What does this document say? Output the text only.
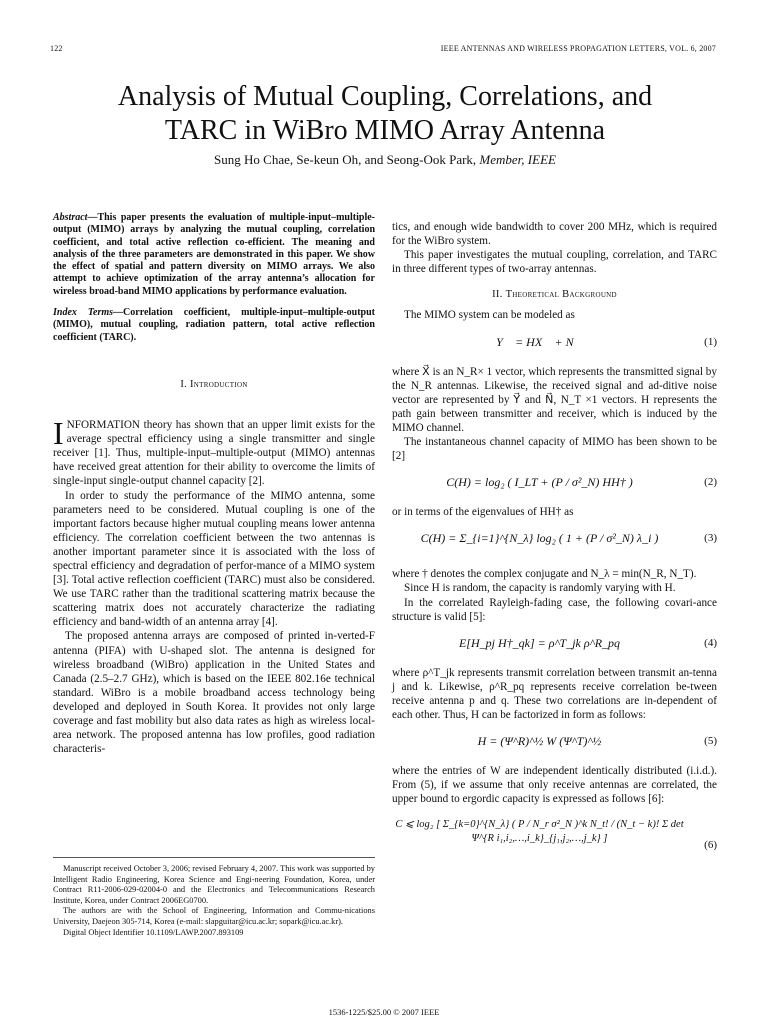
122	IEEE ANTENNAS AND WIRELESS PROPAGATION LETTERS, VOL. 6, 2007
Analysis of Mutual Coupling, Correlations, and
TARC in WiBro MIMO Array Antenna
Sung Ho Chae, Se-keun Oh, and Seong-Ook Park, Member, IEEE
Abstract—This paper presents the evaluation of multiple-input–multiple-output (MIMO) arrays by analyzing the mutual coupling, correlation coefficient, and total active reflection co-efficient. The meaning and analysis of the three parameters are demonstrated in this paper. We show the effect of spatial and pattern diversity on MIMO arrays. We also attempt to achieve optimization of the array antenna’s allocation for wireless broad-band MIMO applications by performance evaluation.
Index Terms—Correlation coefficient, multiple-input–multiple-output (MIMO), mutual coupling, radiation pattern, total active reflection coefficient (TARC).
I. Introduction

INFORMATION theory has shown that an upper limit exists for the average spectral efficiency using a single transmitter and single receiver [1]. Thus, multiple-input–multiple-output (MIMO) antennas have received great attention for their ability to overcome the limits of single-input single-output channel capacity [2].

In order to study the performance of the MIMO antenna, some parameters need to be considered. Mutual coupling is one of the important factors because higher mutual coupling means lower antenna efficiency. The correlation coefficient between the two antennas is another important parameter since it is associated with the loss of spectral efficiency and degradation of perfor-mance of a MIMO system [3]. Total active reflection coefficient (TARC) must also be considered. We use TARC rather than the traditional scattering matrix because the scattering matrix does not accurately characterize the radiating efficiency and band-width of an antenna array [4].

The proposed antenna arrays are composed of printed in-verted-F antenna (PIFA) with U-shaped slot. The antenna is designed for wireless broadband (WiBro) application in the United States and Canada (2.5–2.7 GHz), which is based on the IEEE 802.16e technical standard. WiBro is a mobile broadband access technology being developed and deployed in South Korea. It provides not only large coverage and fast mobility but also data rates as high as wireless local-area network. The proposed antenna has low profiles, good radiation characteris-

Manuscript received October 3, 2006; revised February 4, 2007. This work was supported by Intelligent Radio Engineering, Korea Science and Engi-neering Foundation, Korea, under Contract R11-2006-029-02004-0 and the Electronics and Telecommunications Research Institute, Korea, under Contract 2006EG0700.

The authors are with the School of Engineering, Information and Commu-nications University, Daejeon 305-714, Korea (e-mail: slapguitar@icu.ac.kr; sopark@icu.ac.kr).

Digital Object Identifier 10.1109/LAWP.2007.893109

tics, and enough wide bandwidth to cover 200 MHz, which is required for the WiBro system.

This paper investigates the mutual coupling, correlation, and TARC in three different types of two-array antennas.

II. Theoretical Background

The MIMO system can be modeled as

Y⃗ = HX⃗ + N⃗	(1)

where X⃗ is an N_R× 1 vector, which represents the transmitted signal by the N_R antennas. Likewise, the received signal and ad-ditive noise vector are represented by Y⃗ and N⃗, N_T ×1 vectors. H represents the path gain between transmitter and receiver, which is induced by the MIMO channel.

The instantaneous channel capacity of MIMO has been shown to be [2]

C(H) = log₂ ( I_LT + (P / σ²_N) HH† )	(2)

or in terms of the eigenvalues of HH† as

C(H) = Σ_{i=1}^{N_λ} log₂ ( 1 + (P / σ²_N) λ_i )	(3)

where † denotes the complex conjugate and N_λ = min(N_R, N_T).

Since H is random, the capacity is randomly varying with H.

In the correlated Rayleigh-fading case, the following covari-ance structure is valid [5]:

E[H_pj H†_qk] = ρ^T_jk ρ^R_pq	(4)

where ρ^T_jk represents transmit correlation between transmit an-tenna j and k. Likewise, ρ^R_pq represents receive correlation be-tween receive antenna p and q. These two correlations are in-dependent of each other. Thus, H can be factorized in form as follows:

H = (Ψ^R)^½ W (Ψ^T)^½	(5)

where the entries of W are independent identically distributed (i.i.d.). From (5), if we assume that only receive antennas are correlated, the upper bound to ergordic capacity is expressed as follows [6]:

C ⩽ log₂ [ Σ_{k=0}^{N_λ} ( P / N_r σ²_N )^k N_t! / (N_t − k)! Σ det Ψ^{R i₁,i₂,…,i_k}_{j₁,j₂,…,j_k} ]
(6)
1536-1225/$25.00 © 2007 IEEE
